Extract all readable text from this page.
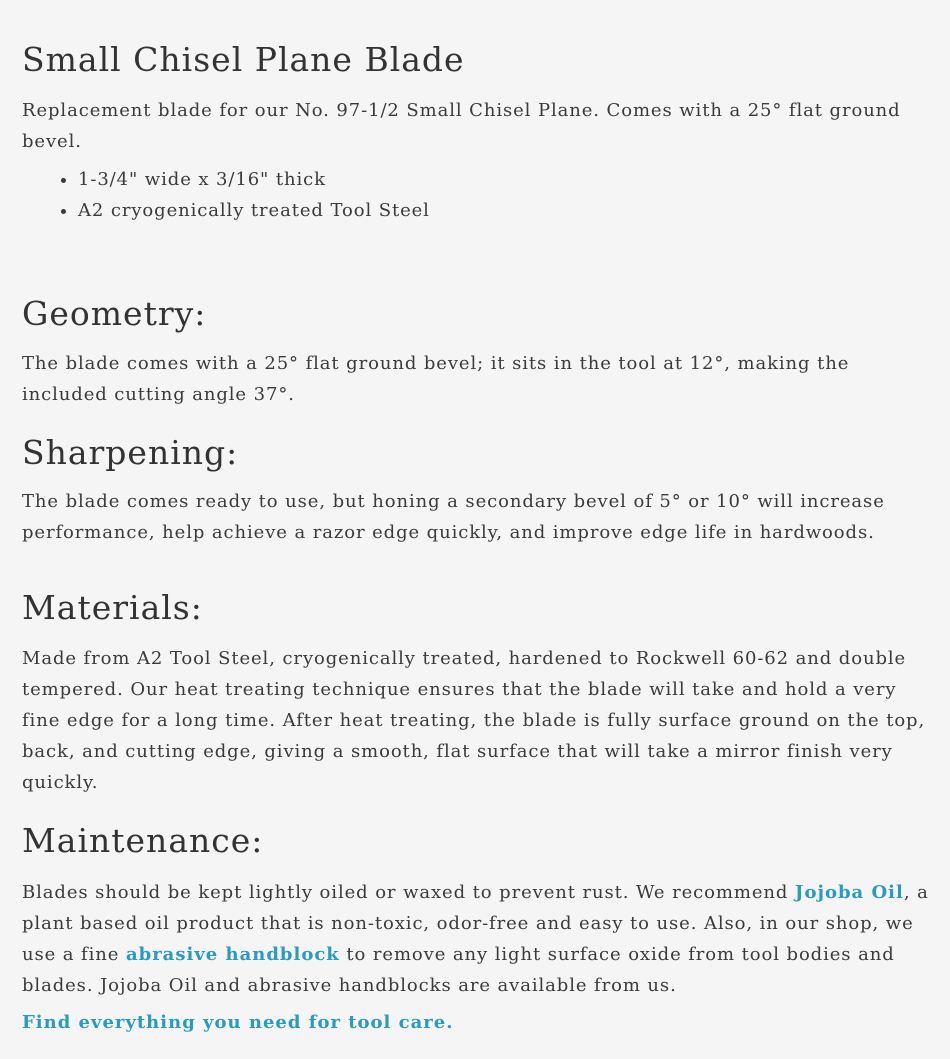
Small Chisel Plane Blade

Replacement blade for our No. 97-1/2 Small Chisel Plane. Comes with a 25° flat ground bevel.

• 1-3/4" wide x 3/16" thick
• A2 cryogenically treated Tool Steel
Geometry:

The blade comes with a 25° flat ground bevel; it sits in the tool at 12°, making the included cutting angle 37°.

Sharpening:

The blade comes ready to use, but honing a secondary bevel of 5° or 10° will increase performance, help achieve a razor edge quickly, and improve edge life in hardwoods.

Materials:

Made from A2 Tool Steel, cryogenically treated, hardened to Rockwell 60-62 and double tempered. Our heat treating technique ensures that the blade will take and hold a very fine edge for a long time. After heat treating, the blade is fully surface ground on the top, back, and cutting edge, giving a smooth, flat surface that will take a mirror finish very quickly.

Maintenance:

Blades should be kept lightly oiled or waxed to prevent rust. We recommend Jojoba Oil, a plant based oil product that is non-toxic, odor-free and easy to use. Also, in our shop, we use a fine abrasive handblock to remove any light surface oxide from tool bodies and blades. Jojoba Oil and abrasive handblocks are available from us.

Find everything you need for tool care.
